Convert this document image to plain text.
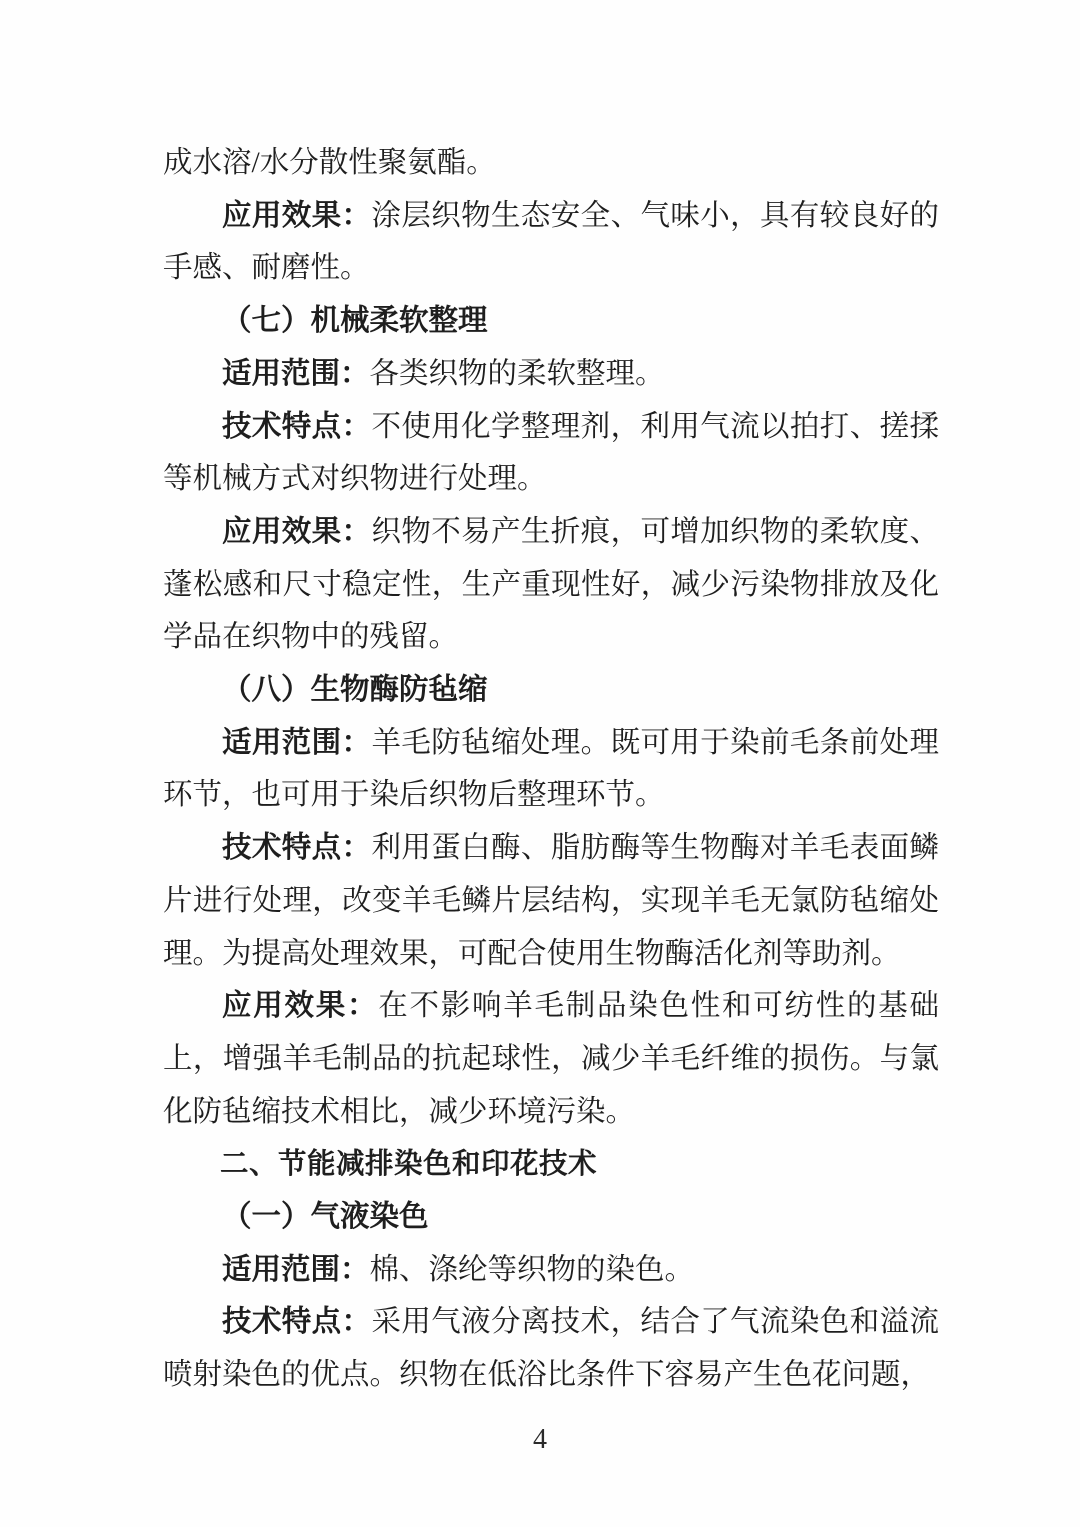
成水溶/水分散性聚氨酯。

应用效果：涂层织物生态安全、气味小，具有较良好的手感、耐磨性。

（七）机械柔软整理

适用范围：各类织物的柔软整理。

技术特点：不使用化学整理剂，利用气流以拍打、搓揉等机械方式对织物进行处理。

应用效果：织物不易产生折痕，可增加织物的柔软度、蓬松感和尺寸稳定性，生产重现性好，减少污染物排放及化学品在织物中的残留。

（八）生物酶防毡缩

适用范围：羊毛防毡缩处理。既可用于染前毛条前处理环节，也可用于染后织物后整理环节。

技术特点：利用蛋白酶、脂肪酶等生物酶对羊毛表面鳞片进行处理，改变羊毛鳞片层结构，实现羊毛无氯防毡缩处理。为提高处理效果，可配合使用生物酶活化剂等助剂。

应用效果：在不影响羊毛制品染色性和可纺性的基础上，增强羊毛制品的抗起球性，减少羊毛纤维的损伤。与氯化防毡缩技术相比，减少环境污染。

二、节能减排染色和印花技术

（一）气液染色

适用范围：棉、涤纶等织物的染色。

技术特点：采用气液分离技术，结合了气流染色和溢流喷射染色的优点。织物在低浴比条件下容易产生色花问题，

4
